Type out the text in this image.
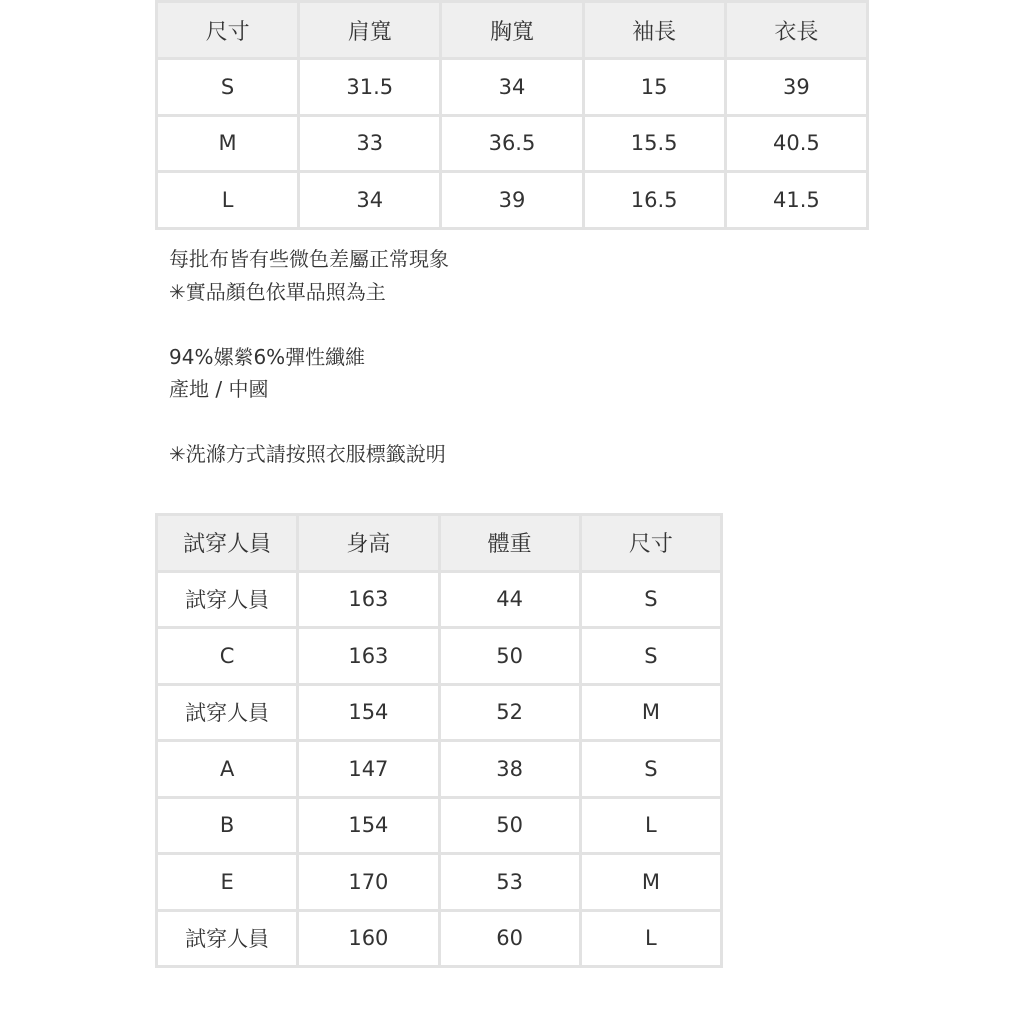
尺寸	肩寬	胸寬	袖長	衣長
S	31.5	34	15	39
M	33	36.5	15.5	40.5
L	34	39	16.5	41.5

每批布皆有些微色差屬正常現象

✳實品顏色依單品照為主

94%嫘縈6%彈性纖維

產地 / 中國

✳洗滌方式請按照衣服標籤說明

試穿人員	身高	體重	尺寸
試穿人員	163	44	S
C	163	50	S
試穿人員	154	52	M
A	147	38	S
B	154	50	L
E	170	53	M
試穿人員	160	60	L
